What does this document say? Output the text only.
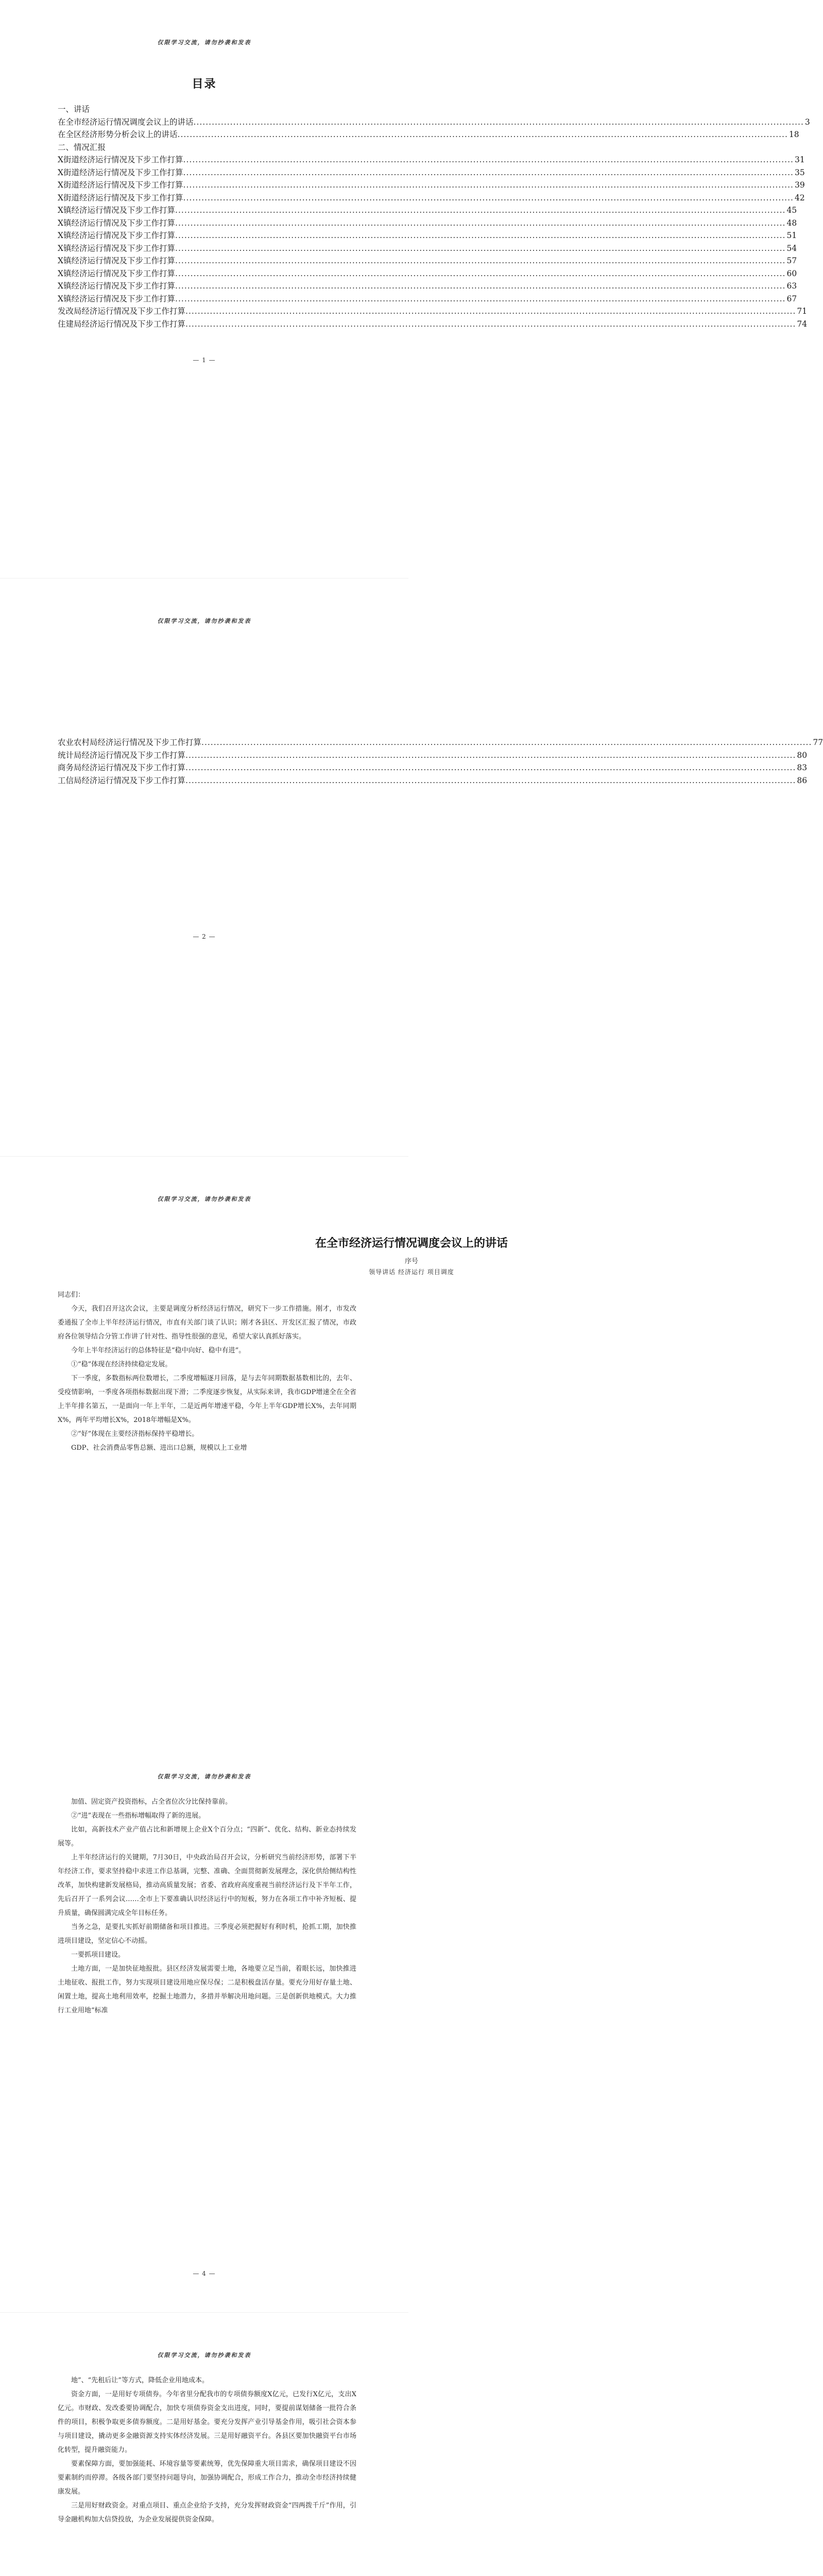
仅限学习交流，请勿抄袭和发表
目录
一、讲话
在全市经济运行情况调度会议上的讲话 ........................................................................................................................................................................................................ 3
在全区经济形势分析会议上的讲话 ........................................................................................................................................................................................................ 18
二、情况汇报
X街道经济运行情况及下步工作打算 ........................................................................................................................................................................................................ 31
X街道经济运行情况及下步工作打算 ........................................................................................................................................................................................................ 35
X街道经济运行情况及下步工作打算 ........................................................................................................................................................................................................ 39
X街道经济运行情况及下步工作打算 ........................................................................................................................................................................................................ 42
X镇经济运行情况及下步工作打算 ........................................................................................................................................................................................................ 45
X镇经济运行情况及下步工作打算 ........................................................................................................................................................................................................ 48
X镇经济运行情况及下步工作打算 ........................................................................................................................................................................................................ 51
X镇经济运行情况及下步工作打算 ........................................................................................................................................................................................................ 54
X镇经济运行情况及下步工作打算 ........................................................................................................................................................................................................ 57
X镇经济运行情况及下步工作打算 ........................................................................................................................................................................................................ 60
X镇经济运行情况及下步工作打算 ........................................................................................................................................................................................................ 63
X镇经济运行情况及下步工作打算 ........................................................................................................................................................................................................ 67
发改局经济运行情况及下步工作打算 ........................................................................................................................................................................................................ 71
住建局经济运行情况及下步工作打算 ........................................................................................................................................................................................................ 74
— 1 —
仅限学习交流，请勿抄袭和发表
农业农村局经济运行情况及下步工作打算 ........................................................................................................................................................................................................ 77
统计局经济运行情况及下步工作打算 ........................................................................................................................................................................................................ 80
商务局经济运行情况及下步工作打算 ........................................................................................................................................................................................................ 83
工信局经济运行情况及下步工作打算 ........................................................................................................................................................................................................ 86
— 2 —
仅限学习交流，请勿抄袭和发表
在全市经济运行情况调度会议上的讲话
序号
领导讲话 经济运行 项目调度

同志们：

今天，我们召开这次会议，主要是调度分析经济运行情况，研究下一步工作措施。刚才，市发改委通报了全市上半年经济运行情况，市直有关部门谈了认识；刚才各县区、开发区汇报了情况，市政府各位领导结合分管工作讲了针对性、指导性很强的意见，希望大家认真抓好落实。

今年上半年经济运行的总体特征是“稳中向好、稳中有进”。

①“稳”体现在经济持续稳定发展。

下一季度，多数指标两位数增长，二季度增幅逐月回落，是与去年同期数据基数相比的，去年、受疫情影响，一季度各项指标数据出现下滑；二季度逐步恢复，从实际来讲，我市GDP增速全在全省上半年排名第五，一是面向一年上半年，二是近两年增速平稳，今年上半年GDP增长X%，去年同期X%，两年平均增长X%，2018年增幅是X%。

②“好”体现在主要经济指标保持平稳增长。

GDP、社会消费品零售总额、进出口总额，规模以上工业增

仅限学习交流，请勿抄袭和发表

加值、固定资产投资指标，占全省位次分比保持靠前。

②“进”表现在一些指标增幅取得了新的进展。

比如，高新技术产业产值占比和新增规上企业X个百分点；“四新”、优化、结构、新业态持续发展等。

上半年经济运行的关键期，7月30日，中央政治局召开会议，分析研究当前经济形势，部署下半年经济工作，要求坚持稳中求进工作总基调，完整、准确、全面贯彻新发展理念，深化供给侧结构性改革，加快构建新发展格局，推动高质量发展；省委、省政府高度重视当前经济运行及下半年工作，先后召开了一系列会议……全市上下要准确认识经济运行中的短板，努力在各项工作中补齐短板、提升质量，确保圆满完成全年目标任务。

当务之急，是要扎实抓好前期储备和项目推进。三季度必须把握好有利时机，抢抓工期，加快推进项目建设，坚定信心不动摇。

一要抓项目建设。

土地方面，一是加快征地报批。县区经济发展需要土地，各地要立足当前，着眼长远，加快推进土地征收、报批工作，努力实现项目建设用地应保尽保；二是积极盘活存量。要充分用好存量土地、闲置土地，提高土地利用效率，挖掘土地潜力，多措并举解决用地问题。三是创新供地模式。大力推行工业用地“标准

— 4 —
仅限学习交流，请勿抄袭和发表

地”、“先租后让”等方式，降低企业用地成本。

资金方面，一是用好专项债券。今年省里分配我市的专项债券额度X亿元，已发行X亿元，支出X亿元。市财政、发改委要协调配合，加快专项债券资金支出进度，同时，要提前谋划储备一批符合条件的项目，积极争取更多债券额度。二是用好基金。要充分发挥产业引导基金作用，吸引社会资本参与项目建设，撬动更多金融资源支持实体经济发展。三是用好融资平台。各县区要加快融资平台市场化转型，提升融资能力。

要素保障方面，要加强能耗、环境容量等要素统筹，优先保障重大项目需求，确保项目建设不因要素制约而停滞。各级各部门要坚持问题导向，加强协调配合，形成工作合力，推动全市经济持续健康发展。

三是用好财政资金。对重点项目、重点企业给予支持，充分发挥财政资金“四两拨千斤”作用，引导金融机构加大信贷投放，为企业发展提供资金保障。
